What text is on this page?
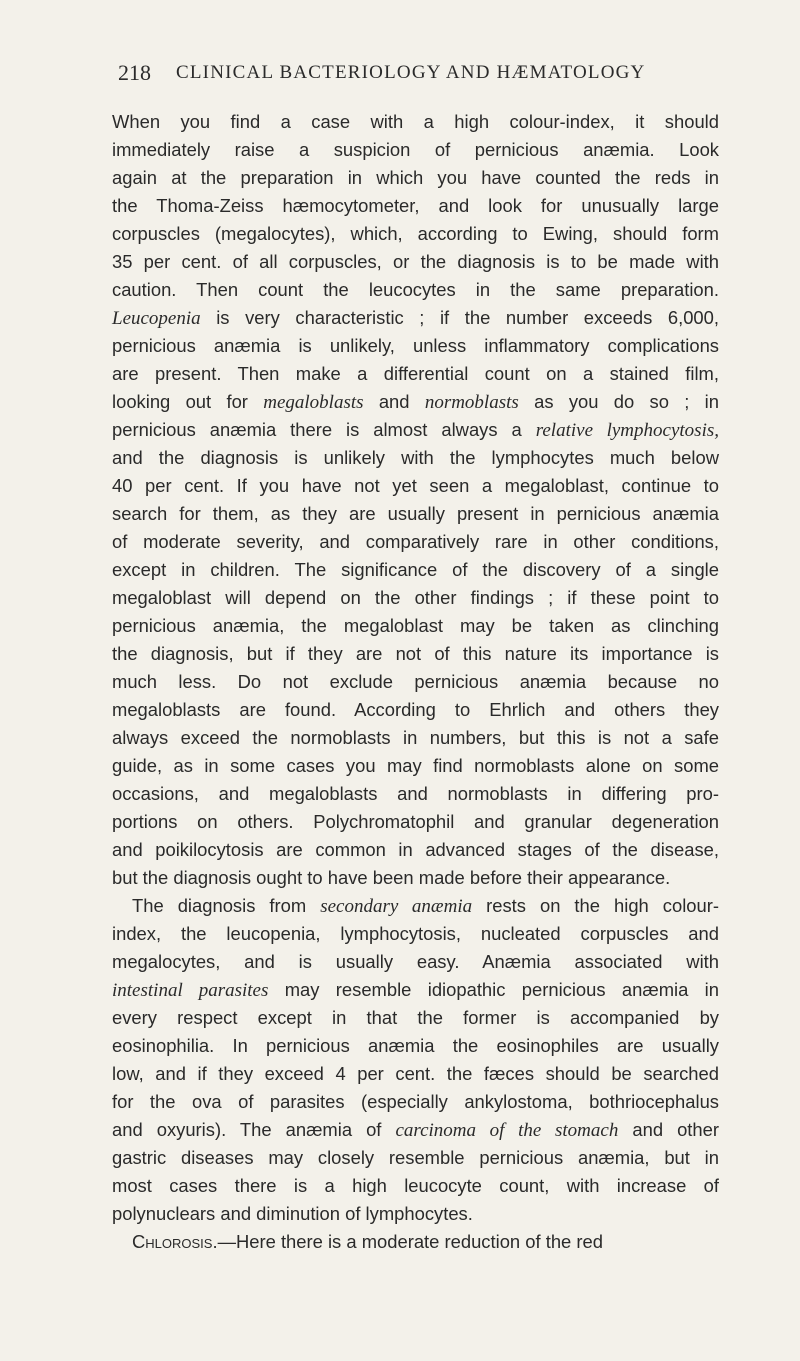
218 CLINICAL BACTERIOLOGY AND HÆMATOLOGY
When you find a case with a high colour-index, it should
immediately raise a suspicion of pernicious anæmia. Look
again at the preparation in which you have counted the reds in
the Thoma-Zeiss hæmocytometer, and look for unusually large
corpuscles (megalocytes), which, according to Ewing, should form
35 per cent. of all corpuscles, or the diagnosis is to be made with
caution. Then count the leucocytes in the same preparation.
Leucopenia is very characteristic ; if the number exceeds 6,000,
pernicious anæmia is unlikely, unless inflammatory complications
are present. Then make a differential count on a stained film,
looking out for megaloblasts and normoblasts as you do so ; in
pernicious anæmia there is almost always a relative lymphocytosis,
and the diagnosis is unlikely with the lymphocytes much below
40 per cent. If you have not yet seen a megaloblast, continue to
search for them, as they are usually present in pernicious anæmia
of moderate severity, and comparatively rare in other conditions,
except in children. The significance of the discovery of a single
megaloblast will depend on the other findings ; if these point to
pernicious anæmia, the megaloblast may be taken as clinching
the diagnosis, but if they are not of this nature its importance is
much less. Do not exclude pernicious anæmia because no
megaloblasts are found. According to Ehrlich and others they
always exceed the normoblasts in numbers, but this is not a safe
guide, as in some cases you may find normoblasts alone on some
occasions, and megaloblasts and normoblasts in differing pro-
portions on others. Polychromatophil and granular degeneration
and poikilocytosis are common in advanced stages of the disease,
but the diagnosis ought to have been made before their appearance.
The diagnosis from secondary anæmia rests on the high colour-
index, the leucopenia, lymphocytosis, nucleated corpuscles and
megalocytes, and is usually easy. Anæmia associated with
intestinal parasites may resemble idiopathic pernicious anæmia in
every respect except in that the former is accompanied by
eosinophilia. In pernicious anæmia the eosinophiles are usually
low, and if they exceed 4 per cent. the fæces should be searched
for the ova of parasites (especially ankylostoma, bothriocephalus
and oxyuris). The anæmia of carcinoma of the stomach and other
gastric diseases may closely resemble pernicious anæmia, but in
most cases there is a high leucocyte count, with increase of
polynuclears and diminution of lymphocytes.
Chlorosis.—Here there is a moderate reduction of the red
